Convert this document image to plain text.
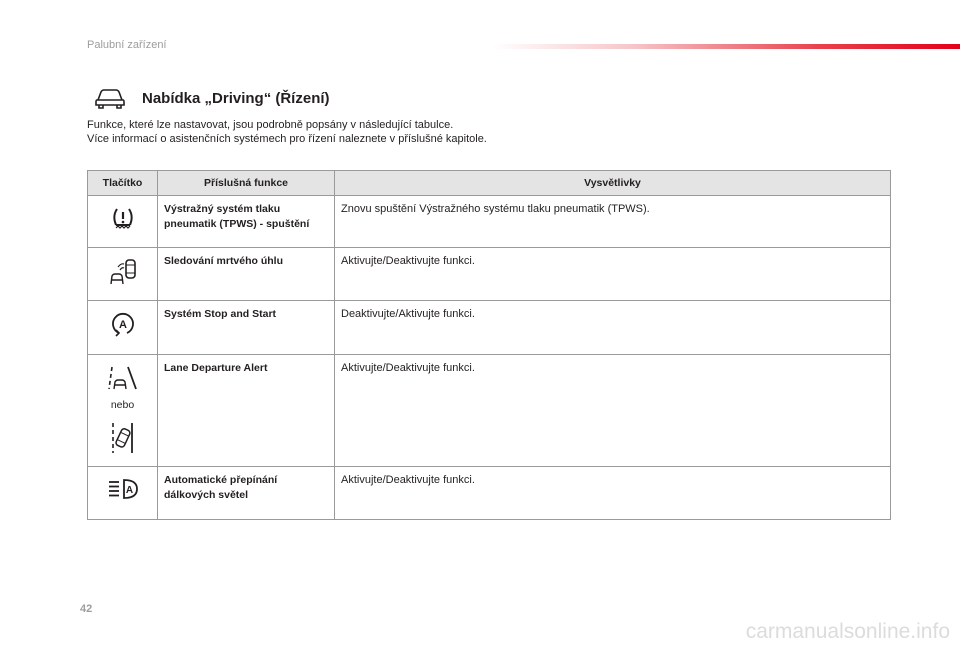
Palubní zařízení
Nabídka „Driving“ (Řízení)
Funkce, které lze nastavovat, jsou podrobně popsány v následující tabulce.
Více informací o asistenčních systémech pro řízení naleznete v příslušné kapitole.
Tlačítko	Příslušná funkce	Vysvětlivky

	Výstražný systém tlaku pneumatik (TPWS) - spuštění	Znovu spuštění Výstražného systému tlaku pneumatik (TPWS).

	Sledování mrtvého úhlu	Aktivujte/Deaktivujte funkci.

A	Systém Stop and Start	Deaktivujte/Aktivujte funkci.

nebo	Lane Departure Alert	Aktivujte/Deaktivujte funkci.

A	Automatické přepínání dálkových světel	Aktivujte/Deaktivujte funkci.
42
carmanualsonline.info
